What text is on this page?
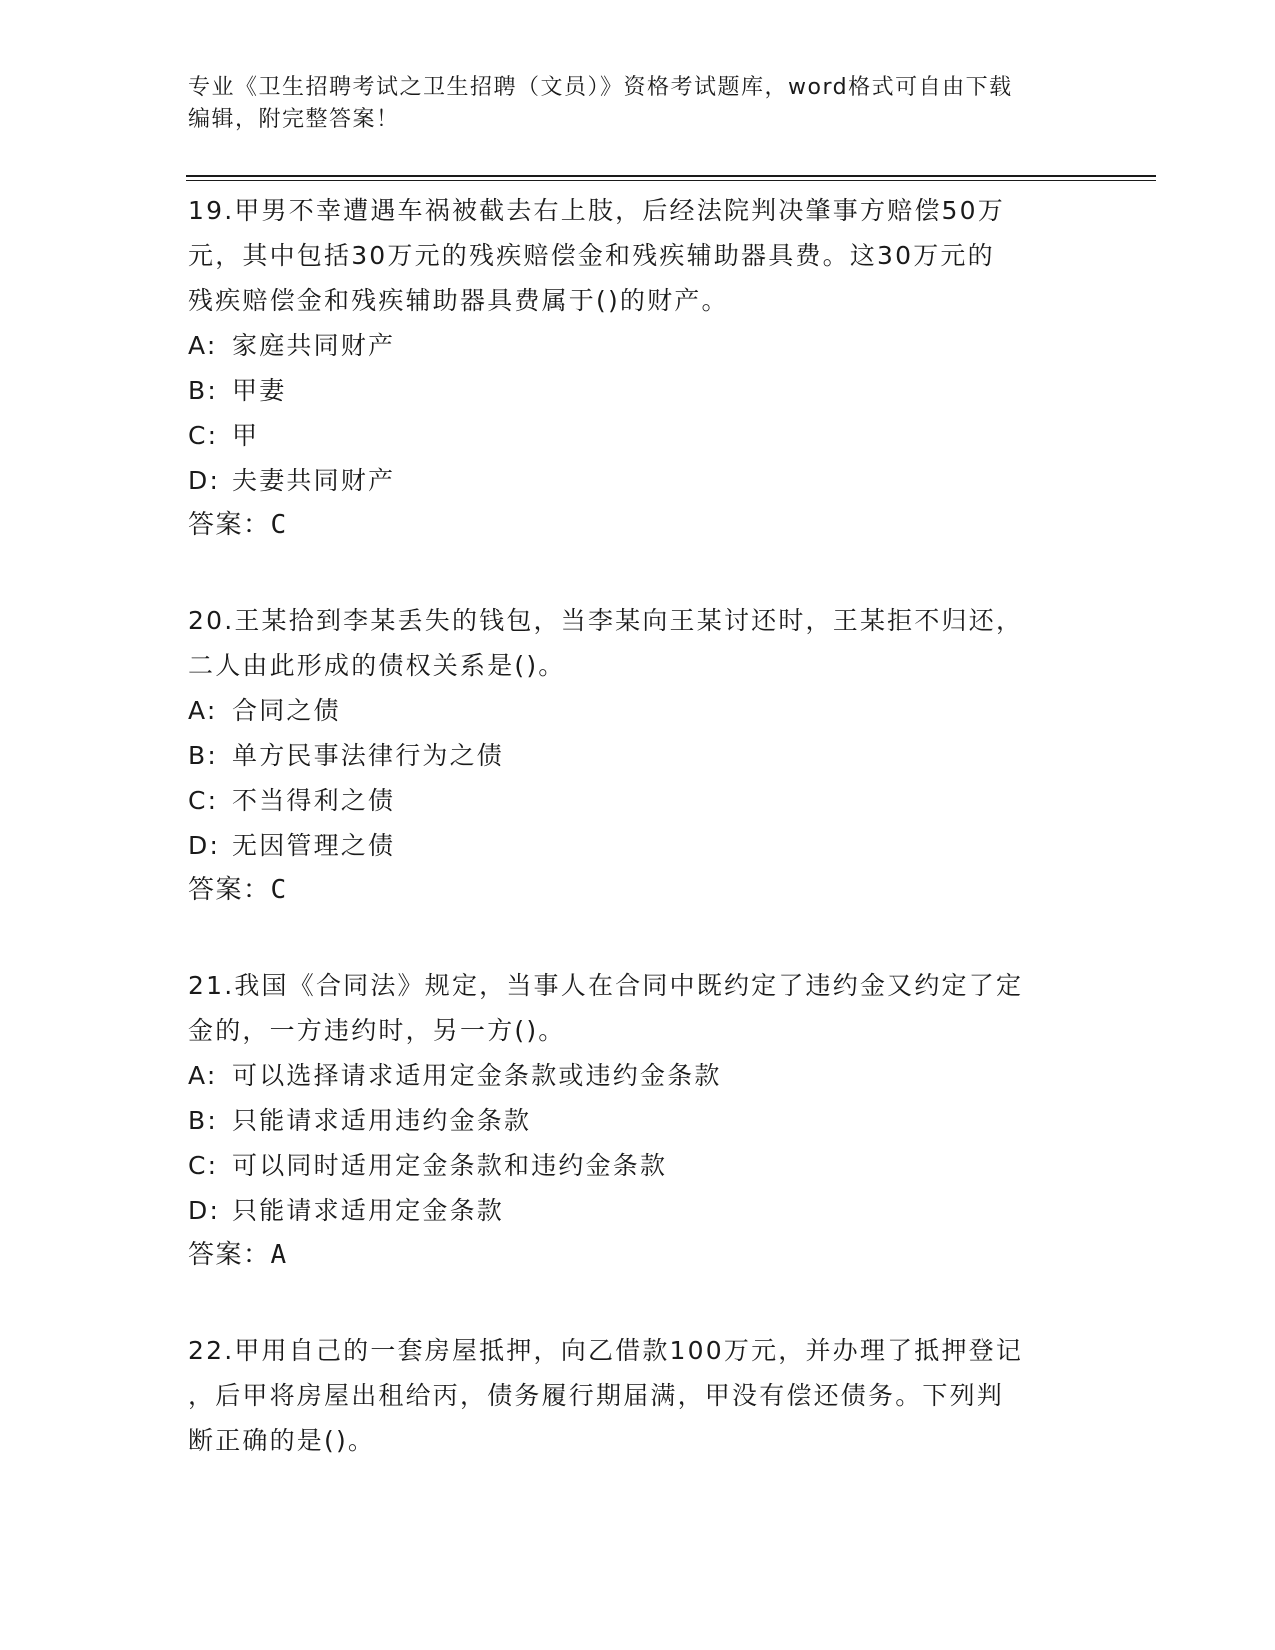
专业《卫生招聘考试之卫生招聘（文员）》资格考试题库，word格式可自由下载
编辑，附完整答案！

19.甲男不幸遭遇车祸被截去右上肢，后经法院判决肇事方赔偿50万

元，其中包括30万元的残疾赔偿金和残疾辅助器具费。这30万元的

残疾赔偿金和残疾辅助器具费属于()的财产。

A: 家庭共同财产

B: 甲妻

C: 甲

D: 夫妻共同财产

答案：C

20.王某拾到李某丢失的钱包，当李某向王某讨还时，王某拒不归还，

二人由此形成的债权关系是()。

A: 合同之债

B: 单方民事法律行为之债

C: 不当得利之债

D: 无因管理之债

答案：C

21.我国《合同法》规定，当事人在合同中既约定了违约金又约定了定

金的，一方违约时，另一方()。

A: 可以选择请求适用定金条款或违约金条款

B: 只能请求适用违约金条款

C: 可以同时适用定金条款和违约金条款

D: 只能请求适用定金条款

答案：A

22.甲用自己的一套房屋抵押，向乙借款100万元，并办理了抵押登记

，后甲将房屋出租给丙，债务履行期届满，甲没有偿还债务。下列判

断正确的是()。
